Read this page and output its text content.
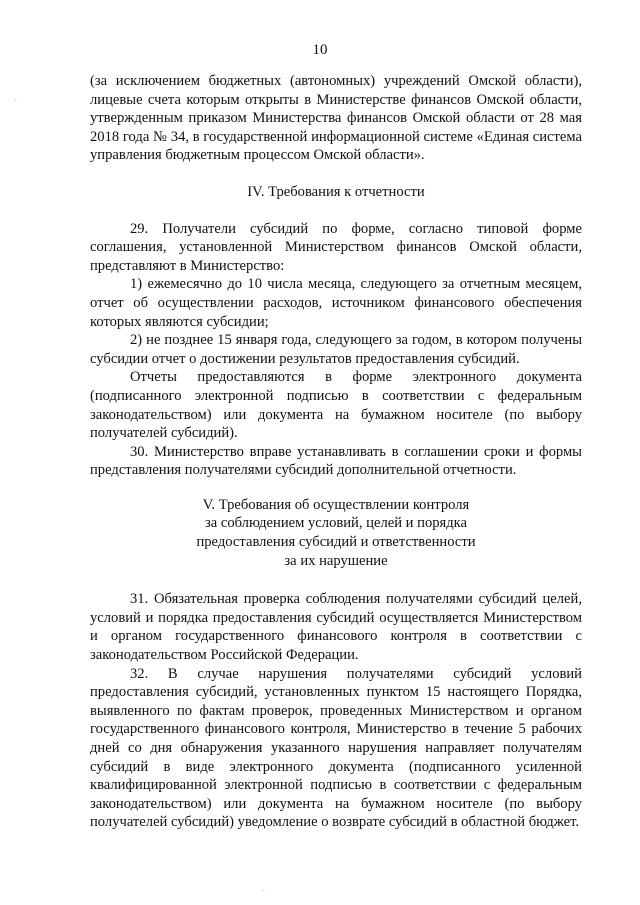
10

(за исключением бюджетных (автономных) учреждений Омской области), лицевые счета которым открыты в Министерстве финансов Омской области, утвержденным приказом Министерства финансов Омской области от 28 мая 2018 года № 34, в государственной информационной системе «Единая система управления бюджетным процессом Омской области».

IV. Требования к отчетности

29. Получатели субсидий по форме, согласно типовой форме соглашения, установленной Министерством финансов Омской области, представляют в Министерство:

1) ежемесячно до 10 числа месяца, следующего за отчетным месяцем, отчет об осуществлении расходов, источником финансового обеспечения которых являются субсидии;

2) не позднее 15 января года, следующего за годом, в котором получены субсидии отчет о достижении результатов предоставления субсидий.

Отчеты предоставляются в форме электронного документа (подписанного электронной подписью в соответствии с федеральным законодательством) или документа на бумажном носителе (по выбору получателей субсидий).

30. Министерство вправе устанавливать в соглашении сроки и формы представления получателями субсидий дополнительной отчетности.

V. Требования об осуществлении контроля

за соблюдением условий, целей и порядка

предоставления субсидий и ответственности

за их нарушение

31. Обязательная проверка соблюдения получателями субсидий целей, условий и порядка предоставления субсидий осуществляется Министерством и органом государственного финансового контроля в соответствии с законодательством Российской Федерации.

32. В случае нарушения получателями субсидий условий предоставления субсидий, установленных пунктом 15 настоящего Порядка, выявленного по фактам проверок, проведенных Министерством и органом государственного финансового контроля, Министерство в течение 5 рабочих дней со дня обнаружения указанного нарушения направляет получателям субсидий в виде электронного документа (подписанного усиленной квалифицированной электронной подписью в соответствии с федеральным законодательством) или документа на бумажном носителе (по выбору получателей субсидий) уведомление о возврате субсидий в областной бюджет.

·
·
